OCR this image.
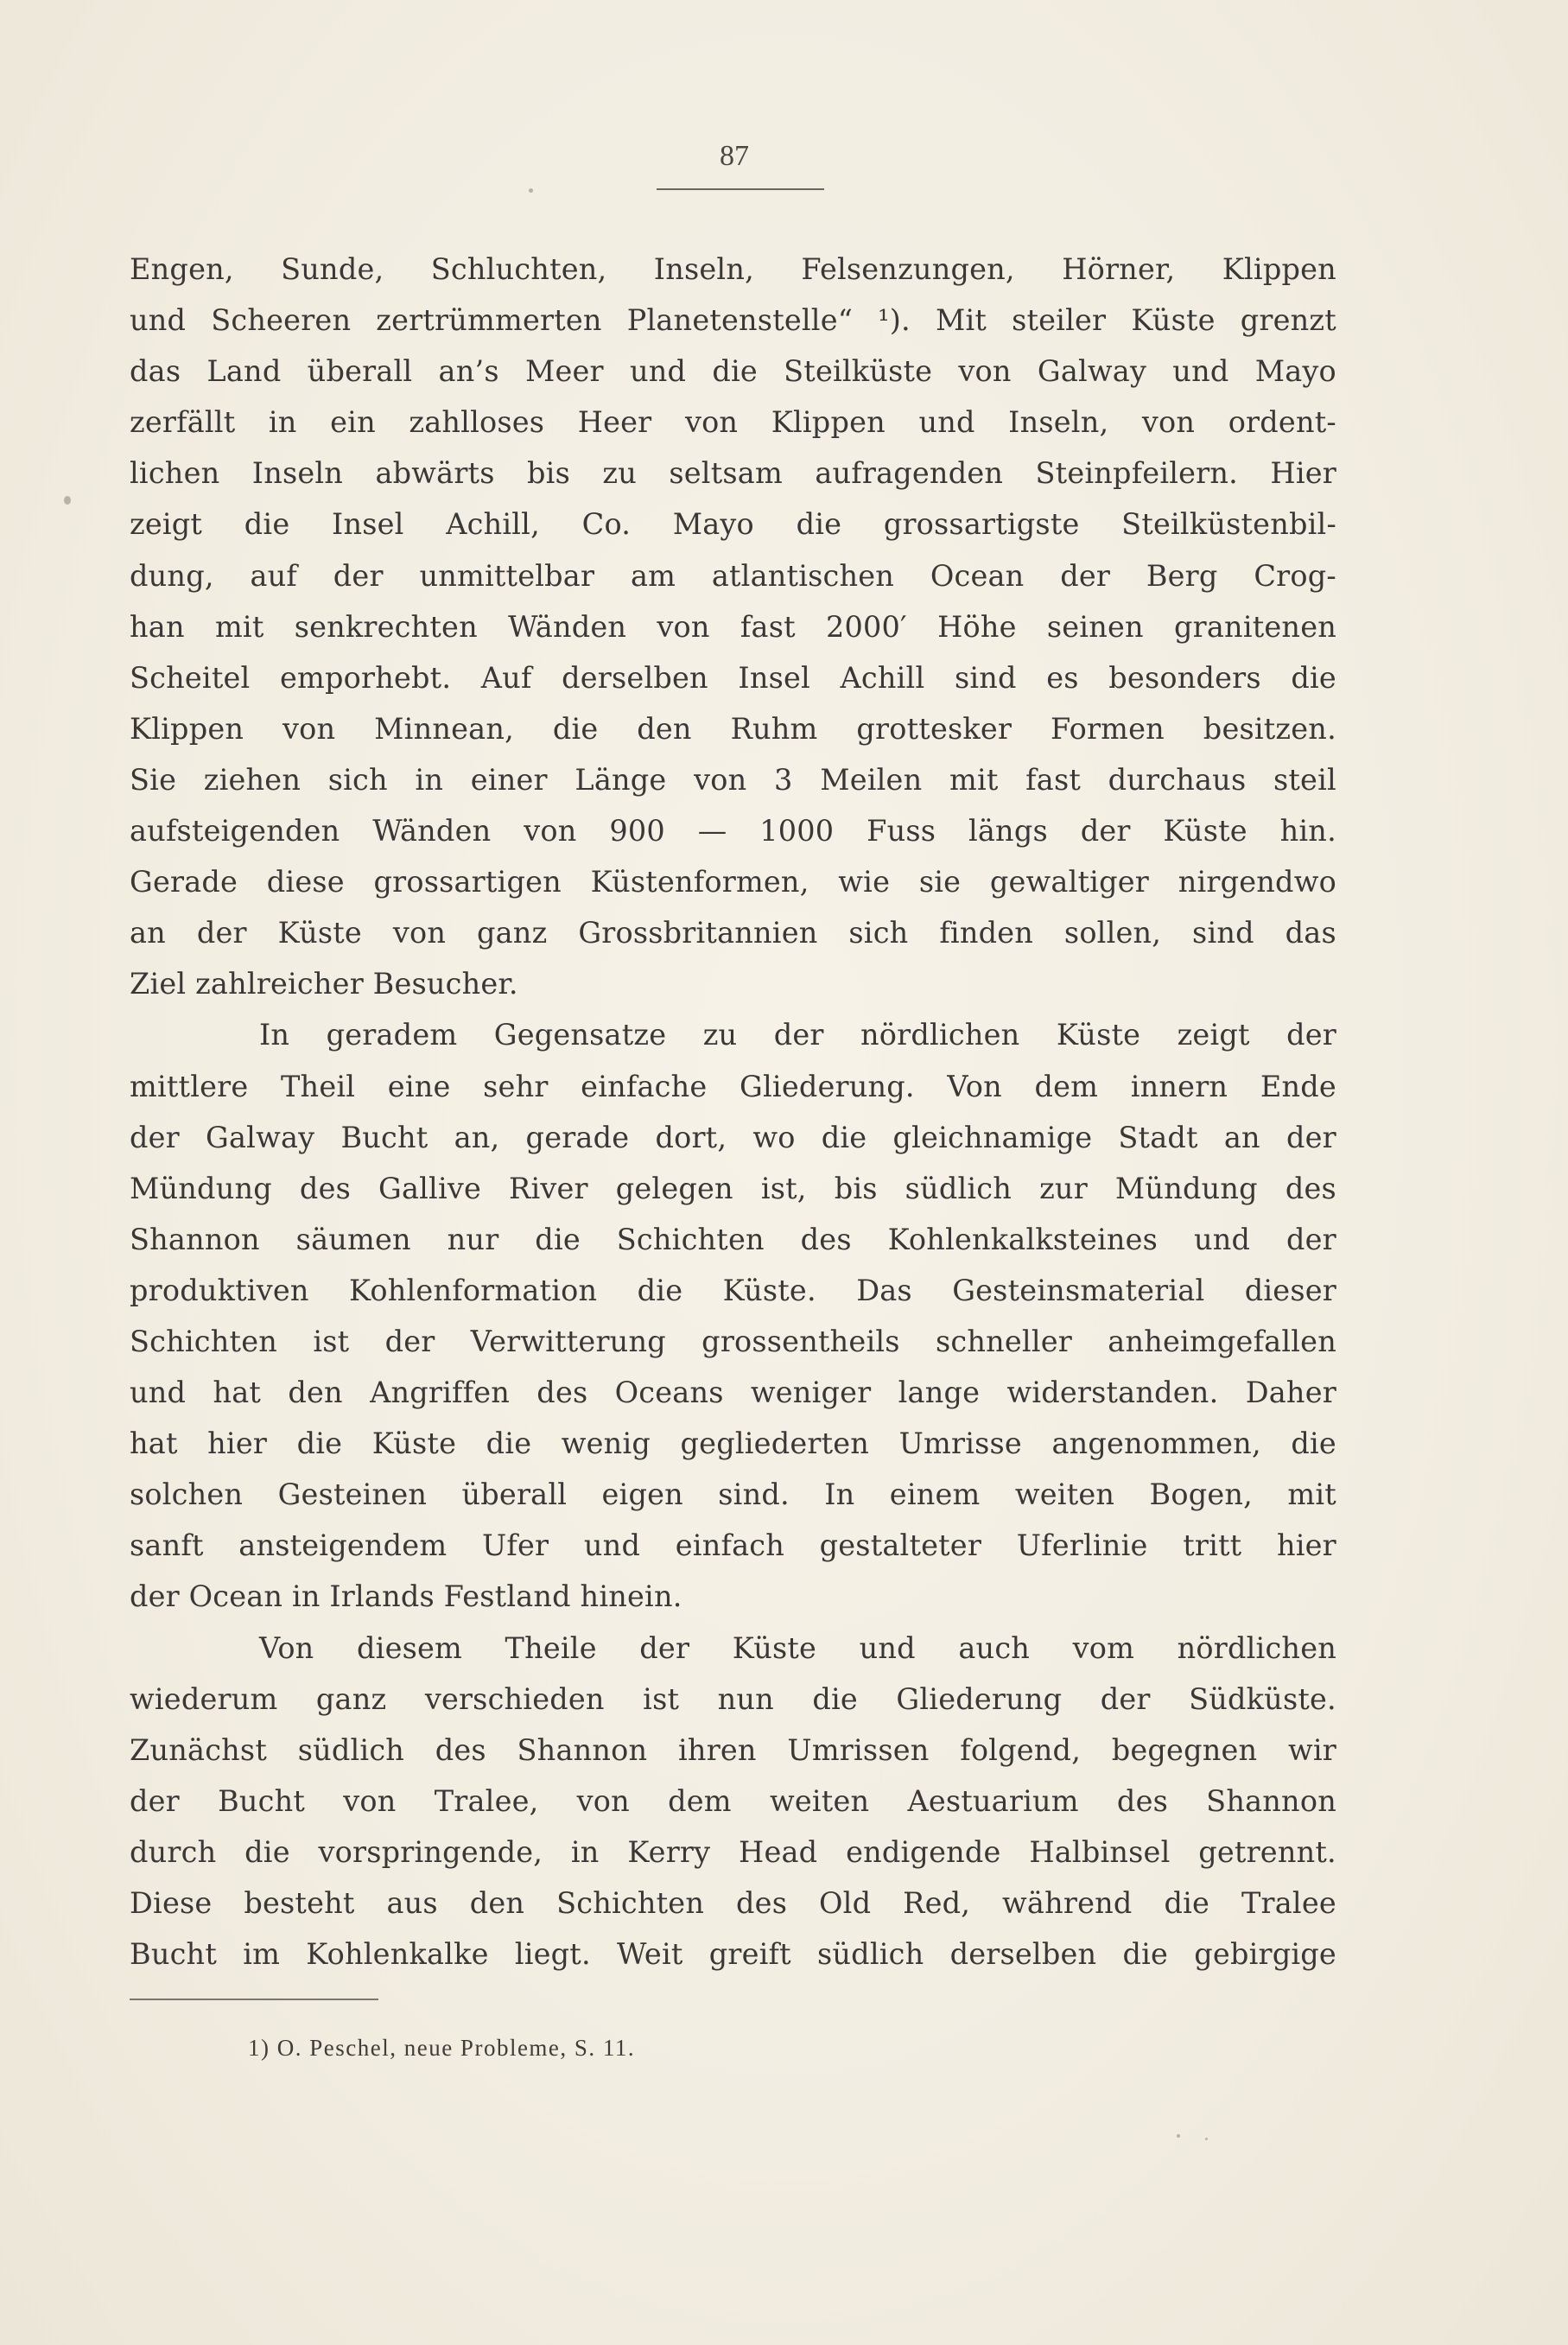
87
Engen, Sunde, Schluchten, Inseln, Felsenzungen, Hörner, Klippen
und Scheeren zertrümmerten Planetenstelle“ ¹). Mit steiler Küste grenzt
das Land überall an’s Meer und die Steilküste von Galway und Mayo
zerfällt in ein zahlloses Heer von Klippen und Inseln, von ordent-
lichen Inseln abwärts bis zu seltsam aufragenden Steinpfeilern. Hier
zeigt die Insel Achill, Co. Mayo die grossartigste Steilküstenbil-
dung, auf der unmittelbar am atlantischen Ocean der Berg Crog-
han mit senkrechten Wänden von fast 2000′ Höhe seinen granitenen
Scheitel emporhebt. Auf derselben Insel Achill sind es besonders die
Klippen von Minnean, die den Ruhm grottesker Formen besitzen.
Sie ziehen sich in einer Länge von 3 Meilen mit fast durchaus steil
aufsteigenden Wänden von 900 — 1000 Fuss längs der Küste hin.
Gerade diese grossartigen Küstenformen, wie sie gewaltiger nirgendwo
an der Küste von ganz Grossbritannien sich finden sollen, sind das
Ziel zahlreicher Besucher.
In geradem Gegensatze zu der nördlichen Küste zeigt der
mittlere Theil eine sehr einfache Gliederung. Von dem innern Ende
der Galway Bucht an, gerade dort, wo die gleichnamige Stadt an der
Mündung des Gallive River gelegen ist, bis südlich zur Mündung des
Shannon säumen nur die Schichten des Kohlenkalksteines und der
produktiven Kohlenformation die Küste. Das Gesteinsmaterial dieser
Schichten ist der Verwitterung grossentheils schneller anheimgefallen
und hat den Angriffen des Oceans weniger lange widerstanden. Daher
hat hier die Küste die wenig gegliederten Umrisse angenommen, die
solchen Gesteinen überall eigen sind. In einem weiten Bogen, mit
sanft ansteigendem Ufer und einfach gestalteter Uferlinie tritt hier
der Ocean in Irlands Festland hinein.
Von diesem Theile der Küste und auch vom nördlichen
wiederum ganz verschieden ist nun die Gliederung der Südküste.
Zunächst südlich des Shannon ihren Umrissen folgend, begegnen wir
der Bucht von Tralee, von dem weiten Aestuarium des Shannon
durch die vorspringende, in Kerry Head endigende Halbinsel getrennt.
Diese besteht aus den Schichten des Old Red, während die Tralee
Bucht im Kohlenkalke liegt. Weit greift südlich derselben die gebirgige
1) O. Peschel, neue Probleme, S. 11.
